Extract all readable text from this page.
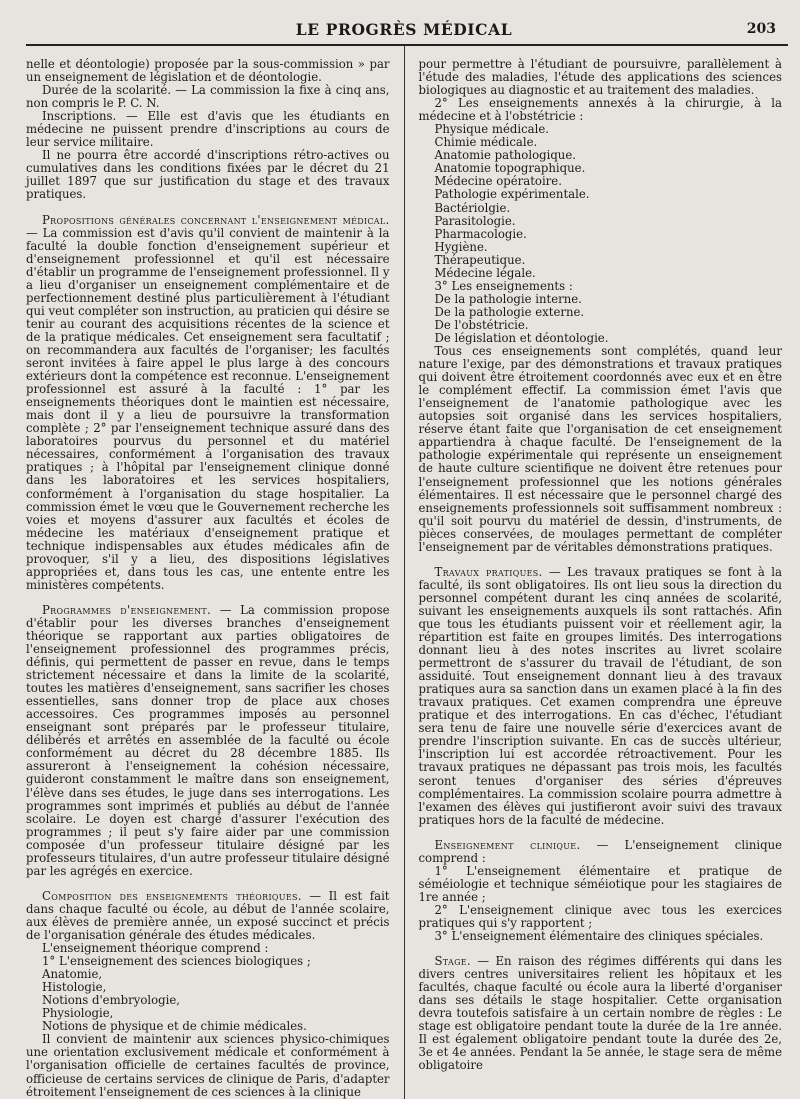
LE PROGRÈS MÉDICAL	203

nelle et déontologie) proposée par la sous-commission » par un enseignement de législation et de déontologie.

Durée de la scolarité. — La commission la fixe à cinq ans, non compris le P. C. N.

Inscriptions. — Elle est d'avis que les étudiants en médecine ne puissent prendre d'inscriptions au cours de leur service militaire.

Il ne pourra être accordé d'inscriptions rétro-actives ou cumulatives dans les conditions fixées par le décret du 21 juillet 1897 que sur justification du stage et des travaux pratiques.

Propositions générales concernant l'enseignement médical. — La commission est d'avis qu'il convient de maintenir à la faculté la double fonction d'enseignement supérieur et d'enseignement professionnel et qu'il est nécessaire d'établir un programme de l'enseignement professionnel. Il y a lieu d'organiser un enseignement complémentaire et de perfectionnement destiné plus particulièrement à l'étudiant qui veut compléter son instruction, au praticien qui désire se tenir au courant des acquisitions récentes de la science et de la pratique médicales. Cet enseignement sera facultatif ; on recommandera aux facultés de l'organiser; les facultés seront invitées à faire appel le plus large à des concours extérieurs dont la compétence est reconnue. L'enseignement professionnel est assuré à la faculté : 1° par les enseignements théoriques dont le maintien est nécessaire, mais dont il y a lieu de poursuivre la transformation complète ; 2° par l'enseignement technique assuré dans des laboratoires pourvus du personnel et du matériel nécessaires, conformément à l'organisation des travaux pratiques ; à l'hôpital par l'enseignement clinique donné dans les laboratoires et les services hospitaliers, conformément à l'organisation du stage hospitalier. La commission émet le vœu que le Gouvernement recherche les voies et moyens d'assurer aux facultés et écoles de médecine les matériaux d'enseignement pratique et technique indispensables aux études médicales afin de provoquer, s'il y a lieu, des dispositions législatives appropriées et, dans tous les cas, une entente entre les ministères compétents.

Programmes d'enseignement. — La commission propose d'établir pour les diverses branches d'enseignement théorique se rapportant aux parties obligatoires de l'enseignement professionnel des programmes précis, définis, qui permettent de passer en revue, dans le temps strictement nécessaire et dans la limite de la scolarité, toutes les matières d'enseignement, sans sacrifier les choses essentielles, sans donner trop de place aux choses accessoires. Ces programmes imposés au personnel enseignant sont préparés par le professeur titulaire, délibérés et arrêtés en assemblée de la faculté ou école conformément au décret du 28 décembre 1885. Ils assureront à l'enseignement la cohésion nécessaire, guideront constamment le maître dans son enseignement, l'élève dans ses études, le juge dans ses interrogations. Les programmes sont imprimés et publiés au début de l'année scolaire. Le doyen est chargé d'assurer l'exécution des programmes ; il peut s'y faire aider par une commission composée d'un professeur titulaire désigné par les professeurs titulaires, d'un autre professeur titulaire désigné par les agrégés en exercice.

Composition des enseignements théoriques. — Il est fait dans chaque faculté ou école, au début de l'année scolaire, aux élèves de première année, un exposé succinct et précis de l'organisation générale des études médicales.

L'enseignement théorique comprend :

1° L'enseignement des sciences biologiques ;

Anatomie,
Histologie,
Notions d'embryologie,
Physiologie,
Notions de physique et de chimie médicales.

Il convient de maintenir aux sciences physico-chimiques une orientation exclusivement médicale et conformément à l'organisation officielle de certaines facultés de province, officieuse de certains services de clinique de Paris, d'adapter étroitement l'enseignement de ces sciences à la clinique

pour permettre à l'étudiant de poursuivre, parallèlement à l'étude des maladies, l'étude des applications des sciences biologiques au diagnostic et au traitement des maladies.

2° Les enseignements annexés à la chirurgie, à la médecine et à l'obstétricie :

Physique médicale.
Chimie médicale.
Anatomie pathologique.
Anatomie topographique.
Médecine opératoire.
Pathologie expérimentale.
Bactériolgie.
Parasitologie.
Pharmacologie.
Hygiène.
Thérapeutique.
Médecine légale.

3° Les enseignements :

De la pathologie interne.
De la pathologie externe.
De l'obstétricie.
De législation et déontologie.

Tous ces enseignements sont complétés, quand leur nature l'exige, par des démonstrations et travaux pratiques qui doivent être étroitement coordonnés avec eux et en être le complément effectif. La commission émet l'avis que l'enseignement de l'anatomie pathologique avec les autopsies soit organisé dans les services hospitaliers, réserve étant faite que l'organisation de cet enseignement appartiendra à chaque faculté. De l'enseignement de la pathologie expérimentale qui représente un enseignement de haute culture scientifique ne doivent être retenues pour l'enseignement professionnel que les notions générales élémentaires. Il est nécessaire que le personnel chargé des enseignements professionnels soit suffisamment nombreux : qu'il soit pourvu du matériel de dessin, d'instruments, de pièces conservées, de moulages permettant de compléter l'enseignement par de véritables démonstrations pratiques.

Travaux pratiques. — Les travaux pratiques se font à la faculté, ils sont obligatoires. Ils ont lieu sous la direction du personnel compétent durant les cinq années de scolarité, suivant les enseignements auxquels ils sont rattachés. Afin que tous les étudiants puissent voir et réellement agir, la répartition est faite en groupes limités. Des interrogations donnant lieu à des notes inscrites au livret scolaire permettront de s'assurer du travail de l'étudiant, de son assiduité. Tout enseignement donnant lieu à des travaux pratiques aura sa sanction dans un examen placé à la fin des travaux pratiques. Cet examen comprendra une épreuve pratique et des interrogations. En cas d'échec, l'étudiant sera tenu de faire une nouvelle série d'exercices avant de prendre l'inscription suivante. En cas de succès ultérieur, l'inscription lui est accordée rétroactivement. Pour les travaux pratiques ne dépassant pas trois mois, les facultés seront tenues d'organiser des séries d'épreuves complémentaires. La commission scolaire pourra admettre à l'examen des élèves qui justifieront avoir suivi des travaux pratiques hors de la faculté de médecine.

Enseignement clinique. — L'enseignement clinique comprend :

1° L'enseignement élémentaire et pratique de séméiologie et technique séméiotique pour les stagiaires de 1re année ;

2° L'enseignement clinique avec tous les exercices pratiques qui s'y rapportent ;

3° L'enseignement élémentaire des cliniques spéciales.

Stage. — En raison des régimes différents qui dans les divers centres universitaires relient les hôpitaux et les facultés, chaque faculté ou école aura la liberté d'organiser dans ses détails le stage hospitalier. Cette organisation devra toutefois satisfaire à un certain nombre de règles : Le stage est obligatoire pendant toute la durée de la 1re année. Il est également obligatoire pendant toute la durée des 2e, 3e et 4e années. Pendant la 5e année, le stage sera de même obligatoire
